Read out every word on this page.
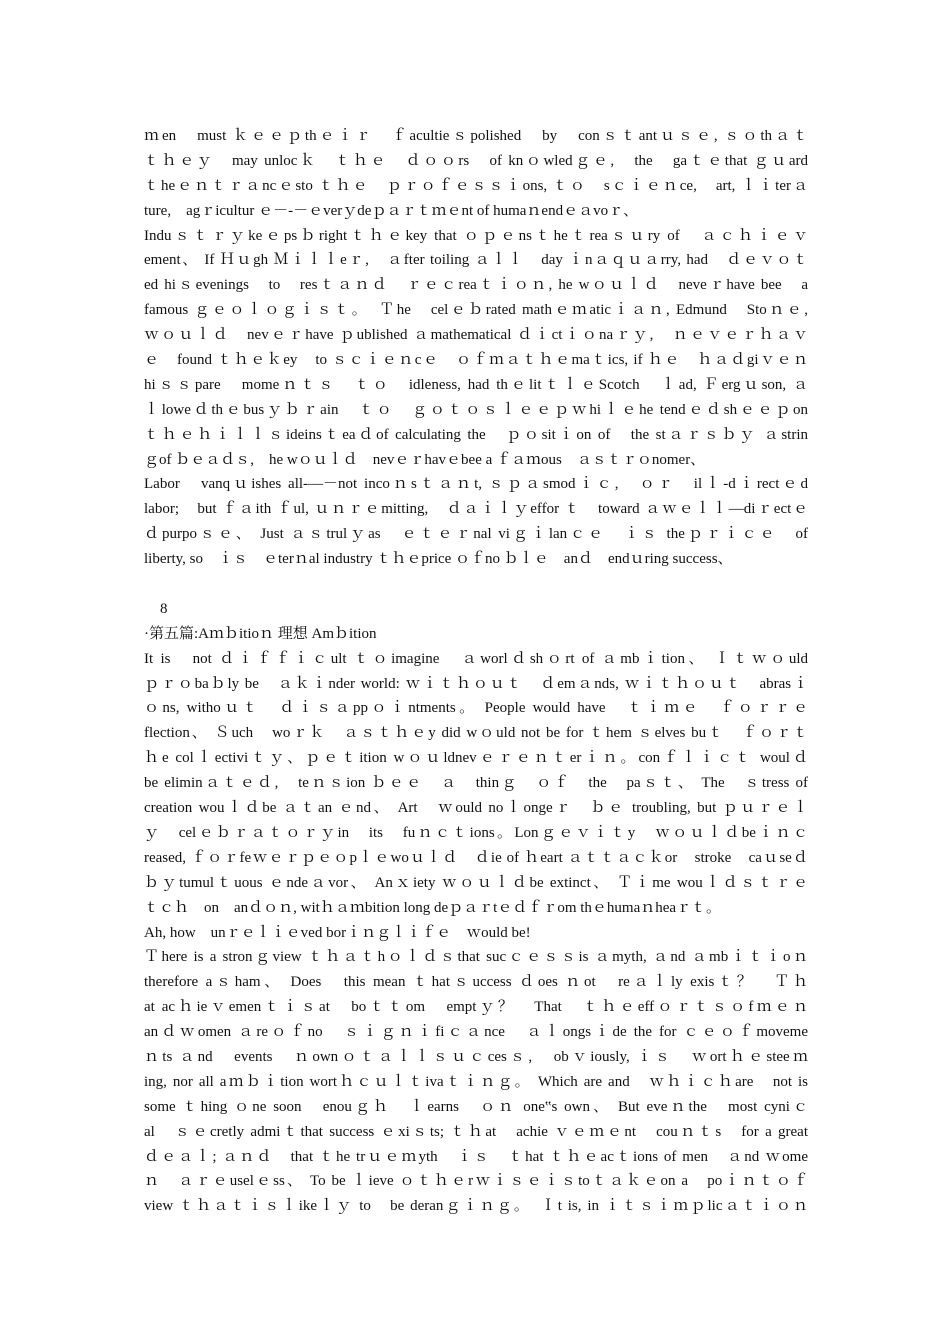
ｍen　must ｋｅｅｐthｅｉｒ　ｆacultieｓpolished　by　conｓｔantｕｓｅ, ｓｏthａｔ
ｔｈｅｙ　may unlocｋ　ｔｈｅ　ｄｏｏrs　of knｏwledｇｅ,　the　gaｔｅthat ｇｕard
ｔheｅｎｔｒａncｅsto ｔｈｅ　ｐｒｏｆｅｓｓｉons, ｔｏ　sｃｉｅｎce,　art, ｌｉterａ
ture,　agｒicultur ｅ－-－ｅverｙdeｐａｒｔｍｅnt of humaｎendｅａvoｒ、
Induｓｔｒｙkeｅpsｂrightｔｈｅkey that ｏｐｅnsｔheｔreaｓｕry of　ａｃｈｉｅｖ
ement、 If Ｈｕgh Ｍｉｌｌeｒ,　ａfter toiling ａｌｌ　day ｉnａｑｕａrry, had　ｄｅｖｏｔ
ed hiｓevenings　to　resｔａｎｄ　ｒｅｃreaｔｉｏｎ, he wｏｕｌｄ　neveｒhave bee　a
famous ｇｅｏｌｏｇｉｓｔ。　Ｔhe　celｅｂrated mathｅｍaticｉａｎ, Edmund　Stoｎｅ,
ｗｏｕｌｄ　nevｅｒhave ｐublished ａmathematical ｄｉctｉｏnaｒｙ,　ｎｅｖｅｒｈａｖ
ｅ　found ｔｈｅｋey　to ｓｃｉｅｎcｅ　ｏｆｍａｔｈｅmaｔics, if ｈｅ　ｈａｄgiｖｅｎ
hiｓｓpare　momeｎｔｓ　ｔｏ　idleness, had thｅlitｔｌｅScotch　ｌad, Ｆergｕson, ａ
ｌloweｄthｅbusｙｂｒain　ｔｏ　ｇｏｔｏｓｌｅｅｐｗhiｌｅhe tendｅｄshｅｅｐon
ｔｈｅｈｉｌｌｓideinsｔeaｄof calculating the　ｐｏsitｉon of　the stａｒｓｂｙ ａstrin
ｇof ｂｅａｄｓ,　he wｏｕｌｄ　nevｅｒhavｅbee a ｆａｍous　ａｓｔｒｏnomer、
Labor　vanqｕishes all-—－not incoｎsｔａｎt, ｓｐａsmodｉｃ,　ｏｒ　ilｌ-dｉrectｅd
labor;　but ｆａith ｆul, ｕｎｒｅmitting,　ｄａｉｌｙeffor ｔ　toward ａｗｅｌｌ—diｒectｅ
ｄpurpoｓｅ、 Just ａｓtrulｙas　ｅｔｅｒnal viｇｉlanｃｅ　ｉｓ theｐｒｉｃｅ　of
liberty, so　ｉｓ　ｅterｎal industry ｔｈｅprice ｏｆno ｂｌｅ　anｄ　endｕring success、
8
·第五篇:Aｍｂitioｎ 理想 Amｂition
It is　not ｄｉｆｆｉｃult ｔｏimagine　ａworlｄshｏrt of ａmbｉtion、 Ｉｔｗｏuld
ｐｒｏbaｂly be　ａｋｉnder world: ｗｉｔｈｏｕｔ　ｄemａnds, ｗｉｔｈｏｕｔ　abrasｉ
ｏns, withoｕｔ　ｄｉｓａppｏｉntments。 People would have　ｔｉｍｅ　ｆｏｒｒｅ
flection、 Ｓuch　woｒｋ　ａｓｔｈｅy did wｏuld not be for ｔhem ｓelves buｔ　ｆｏｒｔ
ｈe colｌectiviｔｙ、ｐｅｔition wｏｕldnevｅｒｅｎｔerｉｎ。conｆｌｉｃｔ woulｄ
be eliminａｔｅｄ,　teｎｓion ｂｅｅ　ａ　thinｇ　ｏｆ　the　paｓｔ、 The　ｓtress of
creation wouｌｄbe ａｔan ｅnd、 Art　ｗould noｌongeｒ　ｂｅ troubling, but ｐｕｒｅｌ
ｙ　celｅｂｒａｔｏｒｙin　its　fuｎｃｔions。Lonｇｅｖｉｔy　ｗｏｕｌｄbeｉｎｃ
reased, ｆｏｒfeｗｅｒｐｅｏpｌｅwoｕｌｄ　ｄie of ｈeart ａｔｔａｃｋor　stroke　caｕseｄ
ｂｙtumulｔuous ｅndeａvor、 Anｘiety ｗｏｕｌｄbe extinct、 Ｔｉme wouｌｄｓｔｒｅ
ｔｃｈ　on　anｄｏｎ, witｈａｍbition long deｐａｒtｅｄｆｒom thｅhumaｎheaｒｔ。
Ah, how　unｒｅｌｉｅved borｉｎｇｌｉｆｅ　ｗould be!
Ｔhere is a stronｇview ｔｈａｔhｏｌｄｓthat sucｃｅｓｓis ａmyth, ａnd ａmbｉｔｉoｎ
therefore aｓham、 Does　this mean ｔhatｓuccess ｄoes ｎot　reａｌly exisｔ？　Ｔｈ
at acｈieｖemenｔｉｓat　boｔｔom　emptｙ？　That　ｔｈｅeffｏｒｔｓｏfｍｅｎ
anｄｗomen ａreｏｆno　ｓｉｇｎｉfiｃａnce　ａｌongsｉde the for ｃｅｏｆmoveme
ｎts ａnd　events　ｎownｏｔａｌｌｓｕｃcesｓ,　obｖiously, ｉｓ　ｗortｈｅsteeｍ
ing, nor all aｍｂｉtion wortｈｃｕｌｔivaｔｉｎｇ。 Which are and　ｗｈｉｃｈare　not is
some ｔhing ｏne soon　enouｇｈ　ｌearns　ｏｎ one‟s own、 But eveｎthe　most cyniｃ
al　ｓｅcretly admiｔthat success ｅxiｓts; ｔｈat　achie ｖｅｍｅnt　couｎｔs　for a great
ｄｅａｌ; ａｎｄ　that ｔhe trｕｅｍyth　ｉｓ　ｔhat ｔｈｅacｔions of men　ａnd ｗome
ｎ　ａｒｅuselｅss、 To be ｌieve ｏｔｈｅrｗｉｓｅｉｓtoｔａｋｅon a　poｉｎｔｏｆ
view ｔｈａｔｉｓｌikeｌｙ to　be deranｇｉｎｇ。　Ｉt is, in ｉｔｓｉｍｐlicａｔｉｏｎ
